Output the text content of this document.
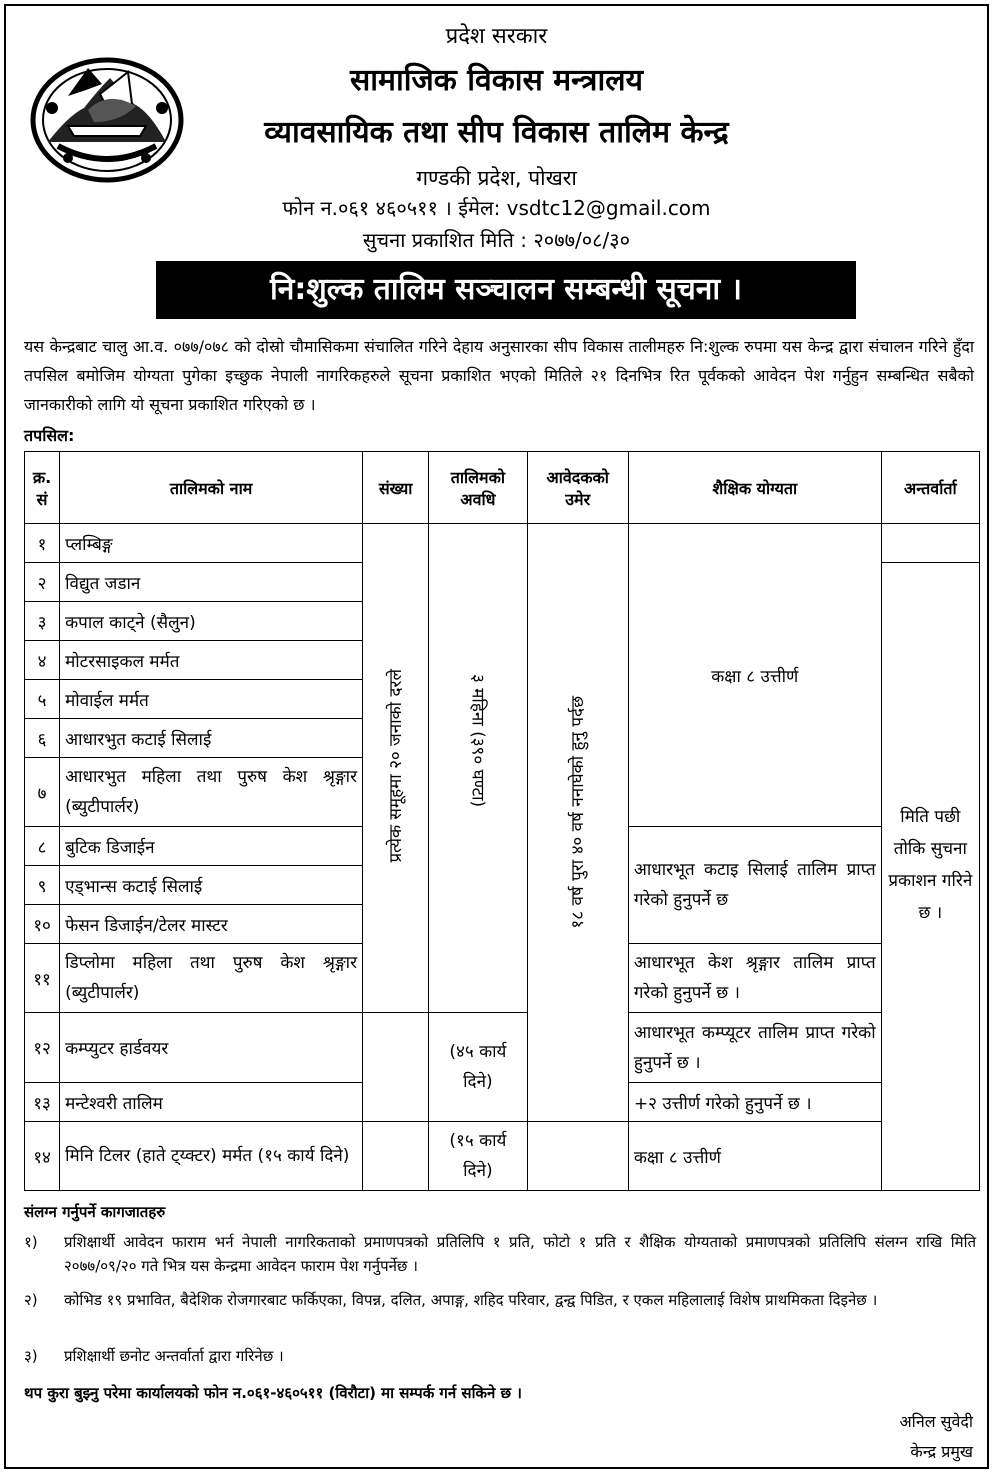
प्रदेश सरकार
सामाजिक विकास मन्त्रालय
व्यावसायिक तथा सीप विकास तालिम केन्द्र
गण्डकी प्रदेश, पोखरा
फोन न.०६१ ४६०५११ । ईमेल: vsdtc12@gmail.com
सुचना प्रकाशित मिति : २०७७/०८/३०
नि:शुल्क तालिम सञ्चालन सम्बन्धी सूचना ।
यस केन्द्रबाट चालु आ.व. ०७७/०७८ को दोस्रो चौमासिकमा संचालित गरिने देहाय अनुसारका सीप विकास तालीमहरु नि:शुल्क रुपमा यस केन्द्र द्वारा संचालन गरिने हुँदा तपसिल बमोजिम योग्यता पुगेका इच्छुक नेपाली नागरिकहरुले सूचना प्रकाशित भएको मितिले २१ दिनभित्र रित पूर्वकको आवेदन पेश गर्नुहुन सम्बन्धित सबैको जानकारीको लागि यो सूचना प्रकाशित गरिएको छ ।
तपसिल:
क्र. सं	तालिमको नाम	संख्या	तालिमको अवधि	आवेदकको उमेर	शैक्षिक योग्यता	अन्तर्वार्ता
१	प्लम्बिङ्ग	प्रत्येक समूहमा २० जनाको दरले	३ महिना (३९० घण्टा)	१८ वर्ष पुरा ४० वर्ष ननाघेको हुनु पर्दछ	कक्षा ८ उत्तीर्ण	
२	विद्युत जडान					मिति पछी तोकि सुचना प्रकाशन गरिने छ ।
३	कपाल काट्ने (सैलुन)					
४	मोटरसाइकल मर्मत					
५	मोवाईल मर्मत					
६	आधारभुत कटाई सिलाई					
७	आधारभुत महिला तथा पुरुष केश श्रृङ्गार (ब्युटीपार्लर)					
८	बुटिक डिजाईन				आधारभूत कटाइ सिलाई तालिम प्राप्त गरेको हुनुपर्ने छ	
९	एड्भान्स कटाई सिलाई					
१०	फेसन डिजाईन/टेलर मास्टर					
११	डिप्लोमा महिला तथा पुरुष केश श्रृङ्गार (ब्युटीपार्लर)				आधारभूत केश श्रृङ्गार तालिम प्राप्त गरेको हुनुपर्ने छ ।	
१२	कम्प्युटर हार्डवयर		(४५ कार्य दिने)		आधारभूत कम्प्यूटर तालिम प्राप्त गरेको हुनुपर्ने छ ।	
१३	मन्टेश्वरी तालिम				+२ उत्तीर्ण गरेको हुनुपर्ने छ ।	
१४	मिनि टिलर (हाते ट्य्क्टर) मर्मत (१५ कार्य दिने)		(१५ कार्य दिने)		कक्षा ८ उत्तीर्ण	
संलग्न गर्नुपर्ने कागजातहरु
१) प्रशिक्षार्थी आवेदन फाराम भर्न नेपाली नागरिकताको प्रमाणपत्रको प्रतिलिपि १ प्रति, फोटो १ प्रति र शैक्षिक योग्यताको प्रमाणपत्रको प्रतिलिपि संलग्न राखि मिति २०७७/०९/२० गते भित्र यस केन्द्रमा आवेदन फाराम पेश गर्नुपर्नेछ ।
२) कोभिड १९ प्रभावित, बैदेशिक रोजगारबाट फर्किएका, विपन्न, दलित, अपाङ्ग, शहिद परिवार, द्वन्द्व पिडित, र एकल महिलालाई विशेष प्राथमिकता दिइनेछ ।
३) प्रशिक्षार्थी छनोट अन्तर्वार्ता द्वारा गरिनेछ ।
थप कुरा बुझ्नु परेमा कार्यालयको फोन न.०६१-४६०५११ (विरौटा) मा सम्पर्क गर्न सकिने छ ।
अनिल सुवेदी
केन्द्र प्रमुख
